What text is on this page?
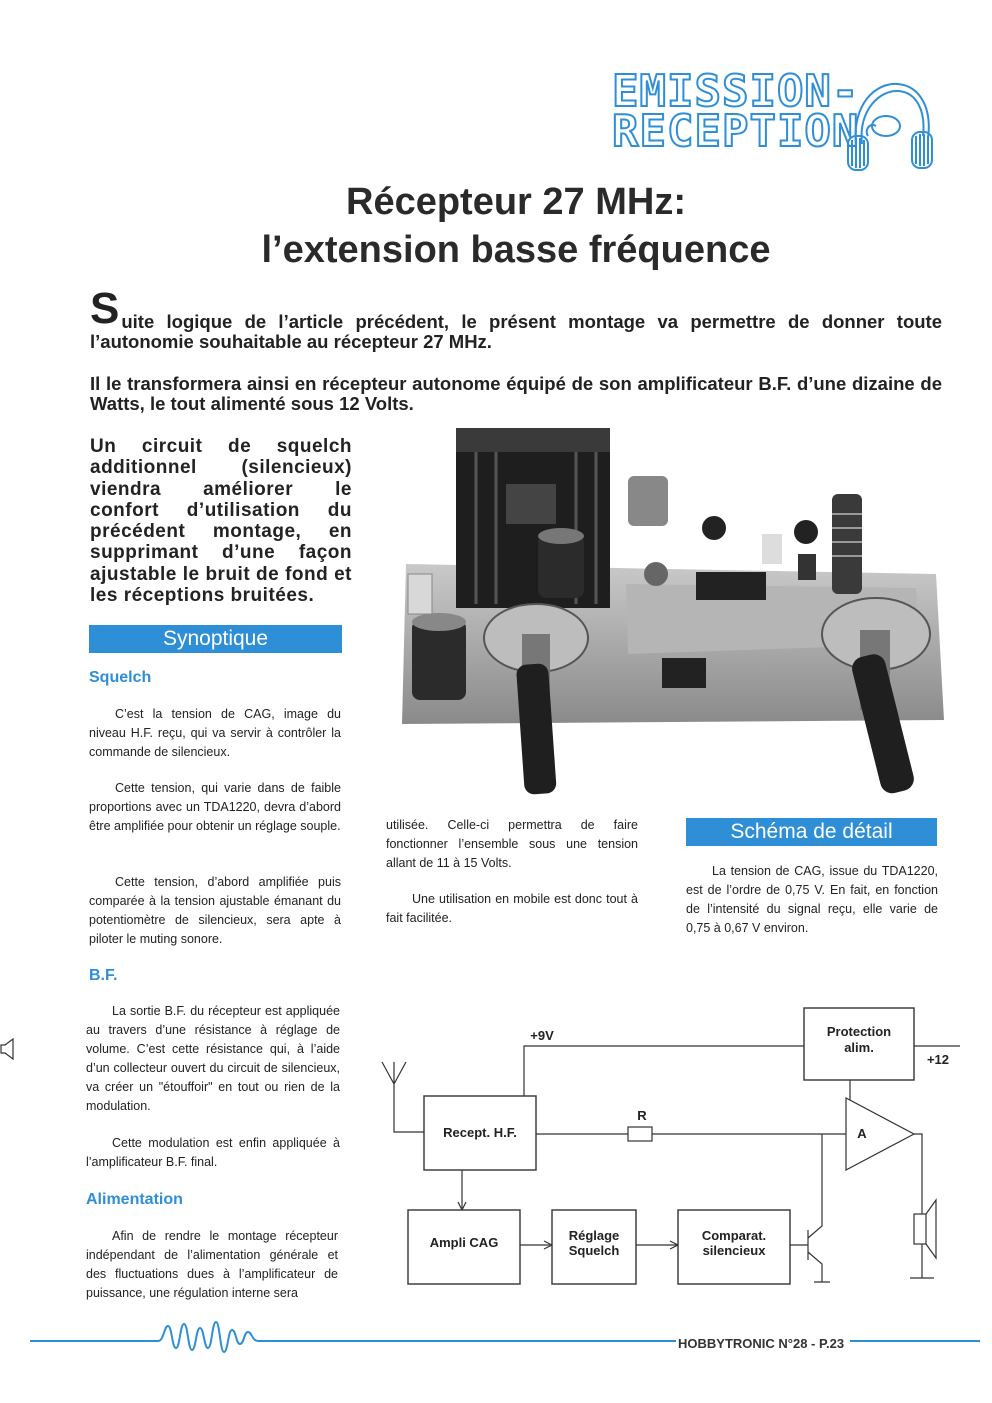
EMISSION-
RECEPTION
Récepteur 27 MHz:
l’extension basse fréquence
S uite logique de l’article précédent, le présent montage va permettre de donner toute l’autonomie souhaitable au récepteur 27 MHz.
Il le transformera ainsi en récepteur autonome équipé de son amplificateur B.F. d’une dizaine de Watts, le tout alimenté sous 12 Volts.
Un circuit de squelch additionnel (silencieux) viendra améliorer le confort d’utilisation du précédent montage, en supprimant d’une façon ajustable le bruit de fond et les réceptions bruitées.
Synoptique
Squelch

C’est la tension de CAG, image du niveau H.F. reçu, qui va servir à contrôler la commande de silencieux.

Cette tension, qui varie dans de faible proportions avec un TDA1220, devra d’abord être amplifiée pour obtenir un réglage souple.

Cette tension, d’abord amplifiée puis comparée à la tension ajustable émanant du potentiomètre de silencieux, sera apte à piloter le muting sonore.

B.F.

La sortie B.F. du récepteur est appliquée au travers d’une résistance à réglage de volume. C’est cette résistance qui, à l’aide d’un collecteur ouvert du circuit de silencieux, va créer un "étouffoir" en tout ou rien de la modulation.

Cette modulation est enfin appliquée à l’amplificateur B.F. final.

Alimentation

Afin de rendre le montage récepteur indépendant de l’alimentation générale et des fluctuations dues à l’amplificateur de puissance, une régulation interne sera

utilisée. Celle-ci permettra de faire fonctionner l’ensemble sous une tension allant de 11 à 15 Volts.

Une utilisation en mobile est donc tout à fait facilitée.

Schéma de détail

La tension de CAG, issue du TDA1220, est de l’ordre de 0,75 V. En fait, en fonction de l’intensité du signal reçu, elle varie de 0,75 à 0,67 V environ.

+9V
+12
Protection
alim.
Recept. H.F.
R
A
Ampli CAG	Réglage
Squelch
Comparat.
silencieux
HOBBYTRONIC N°28 - P.23
